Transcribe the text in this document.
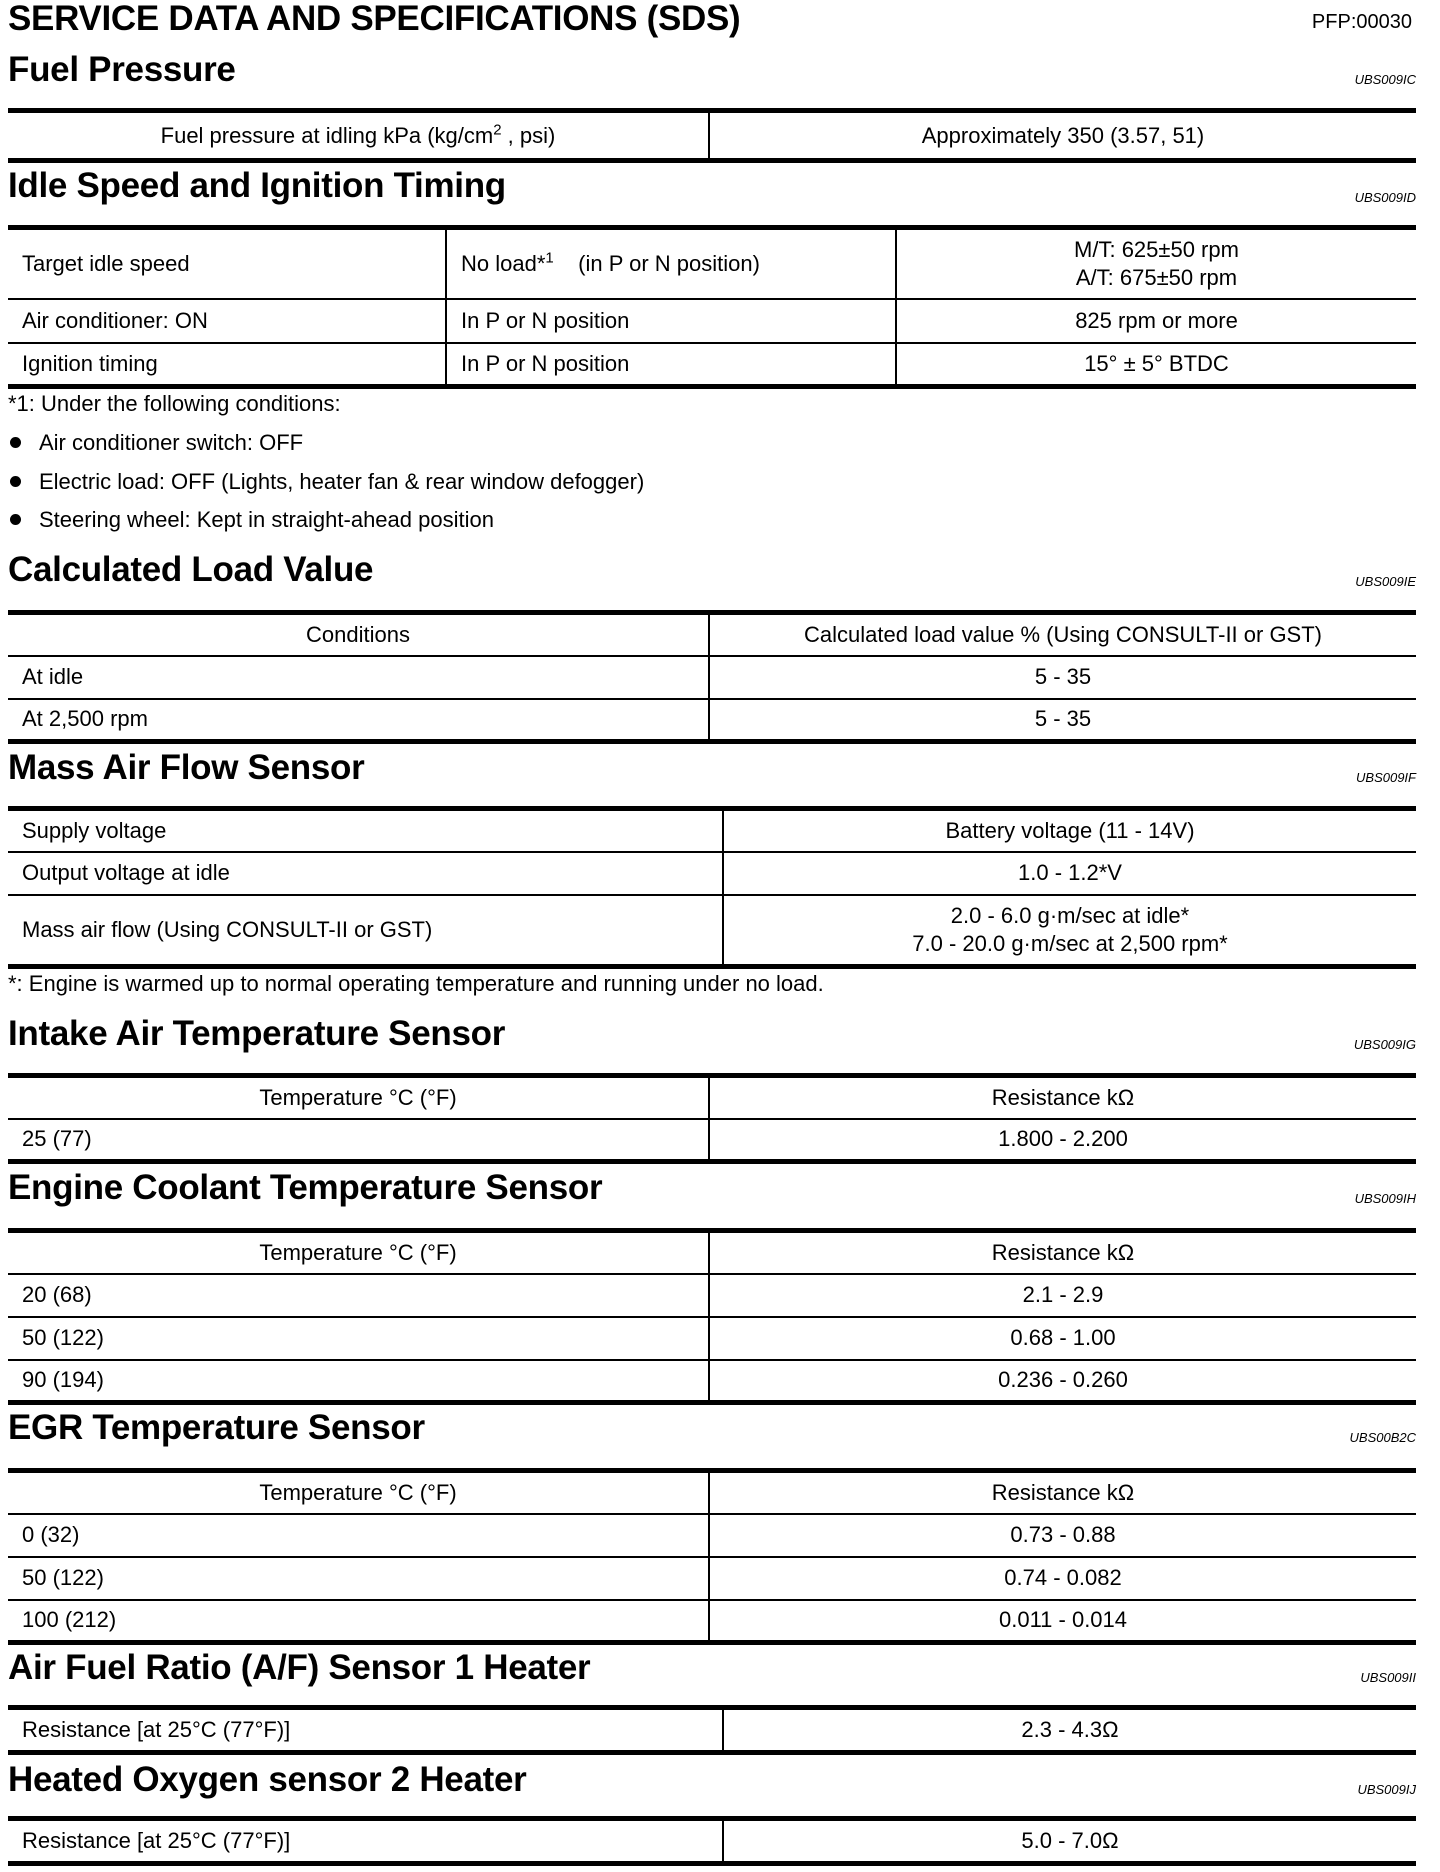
SERVICE DATA AND SPECIFICATIONS (SDS)	PFP:00030
Fuel Pressure	UBS009IC
Fuel pressure at idling kPa ($kg/cm^2$ , psi)	Approximately 350 (3.57, 51)
Idle Speed and Ignition Timing	UBS009ID
Target idle speed	No load*$^1$    (in P or N position)	M/T: 625±50 rpm
A/T: 675±50 rpm

Air conditioner: ON	In P or N position	825 rpm or more
Ignition timing	In P or N position	15° ± 5° BTDC
*1: Under the following conditions:
Air conditioner switch: OFF
Electric load: OFF (Lights, heater fan & rear window defogger)
Steering wheel: Kept in straight-ahead position
Calculated Load Value	UBS009IE
Conditions	Calculated load value % (Using CONSULT-II or GST)
At idle	5 - 35
At 2,500 rpm	5 - 35
Mass Air Flow Sensor	UBS009IF
Supply voltage	Battery voltage (11 - 14V)
Output voltage at idle	1.0 - 1.2*V
Mass air flow (Using CONSULT-II or GST)	2.0 - 6.0 g·m/sec at idle*
7.0 - 20.0 g·m/sec at 2,500 rpm*
*: Engine is warmed up to normal operating temperature and running under no load.
Intake Air Temperature Sensor	UBS009IG
Temperature °C (°F)	Resistance kΩ
25 (77)	1.800 - 2.200
Engine Coolant Temperature Sensor	UBS009IH
Temperature °C (°F)	Resistance kΩ
20 (68)	2.1 - 2.9
50 (122)	0.68 - 1.00
90 (194)	0.236 - 0.260
EGR Temperature Sensor	UBS00B2C
Temperature °C (°F)	Resistance kΩ
0 (32)	0.73 - 0.88
50 (122)	0.74 - 0.082
100 (212)	0.011 - 0.014
Air Fuel Ratio (A/F) Sensor 1 Heater	UBS009II
Resistance [at 25°C (77°F)]	2.3 - 4.3Ω
Heated Oxygen sensor 2 Heater	UBS009IJ
Resistance [at 25°C (77°F)]	5.0 - 7.0Ω
